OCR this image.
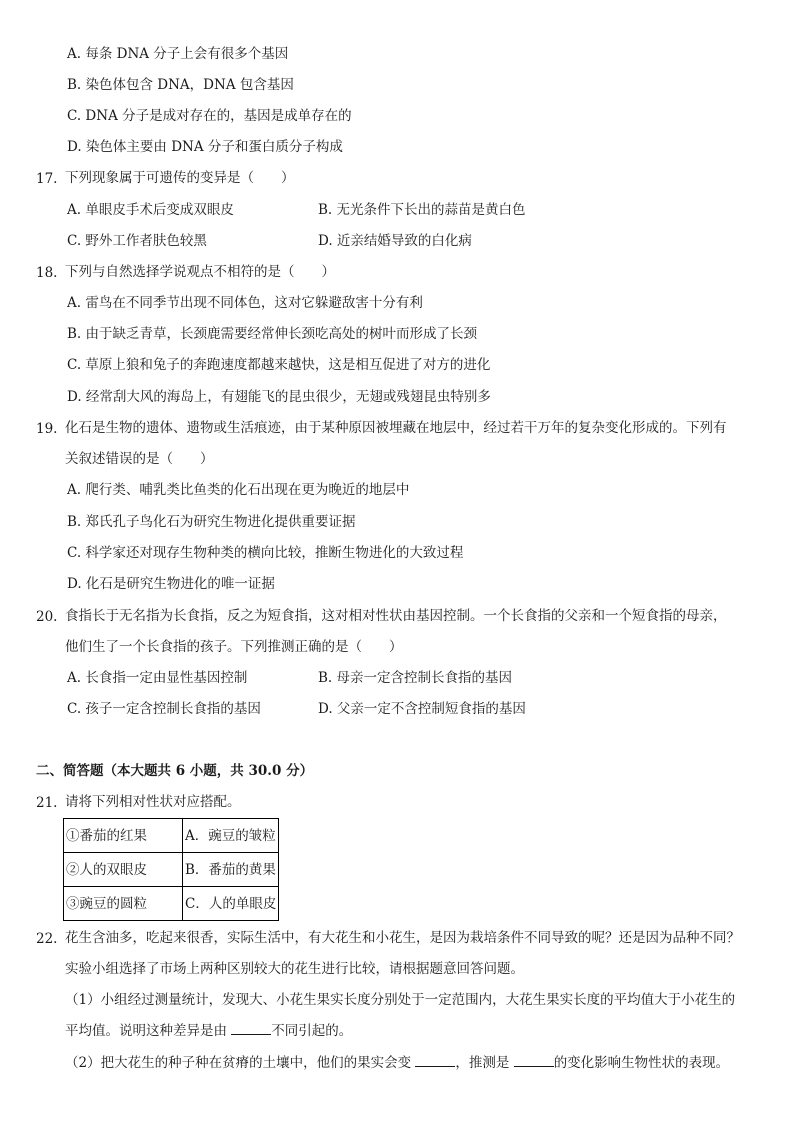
A. 每条 DNA 分子上会有很多个基因
B. 染色体包含 DNA，DNA 包含基因
C. DNA 分子是成对存在的，基因是成单存在的
D. 染色体主要由 DNA 分子和蛋白质分子构成
17. 下列现象属于可遗传的变异是（　　）
A. 单眼皮手术后变成双眼皮	B. 无光条件下长出的蒜苗是黄白色
C. 野外工作者肤色较黑	D. 近亲结婚导致的白化病
18. 下列与自然选择学说观点不相符的是（　　）
A. 雷鸟在不同季节出现不同体色，这对它躲避敌害十分有利
B. 由于缺乏青草，长颈鹿需要经常伸长颈吃高处的树叶而形成了长颈
C. 草原上狼和兔子的奔跑速度都越来越快，这是相互促进了对方的进化
D. 经常刮大风的海岛上，有翅能飞的昆虫很少，无翅或残翅昆虫特别多
19. 化石是生物的遗体、遗物或生活痕迹，由于某种原因被埋藏在地层中，经过若干万年的复杂变化形成的。下列有
关叙述错误的是（　　）
A. 爬行类、哺乳类比鱼类的化石出现在更为晚近的地层中
B. 郑氏孔子鸟化石为研究生物进化提供重要证据
C. 科学家还对现存生物种类的横向比较，推断生物进化的大致过程
D. 化石是研究生物进化的唯一证据
20. 食指长于无名指为长食指，反之为短食指，这对相对性状由基因控制。一个长食指的父亲和一个短食指的母亲，
他们生了一个长食指的孩子。下列推测正确的是（　　）
A. 长食指一定由显性基因控制	B. 母亲一定含控制长食指的基因
C. 孩子一定含控制长食指的基因	D. 父亲一定不含控制短食指的基因
二、简答题（本大题共 6 小题，共 30.0 分）
21. 请将下列相对性状对应搭配。
①番茄的红果	A．豌豆的皱粒
②人的双眼皮	B．番茄的黄果
③豌豆的圆粒	C．人的单眼皮
22. 花生含油多，吃起来很香，实际生活中，有大花生和小花生，是因为栽培条件不同导致的呢？还是因为品种不同？
实验小组选择了市场上两种区别较大的花生进行比较，请根据题意回答问题。
（1）小组经过测量统计，发现大、小花生果实长度分别处于一定范围内，大花生果实长度的平均值大于小花生的
平均值。说明这种差异是由	不同引起的。
（2）把大花生的种子种在贫瘠的土壤中，他们的果实会变	，推测是	的变化影响生物性状的表现。
